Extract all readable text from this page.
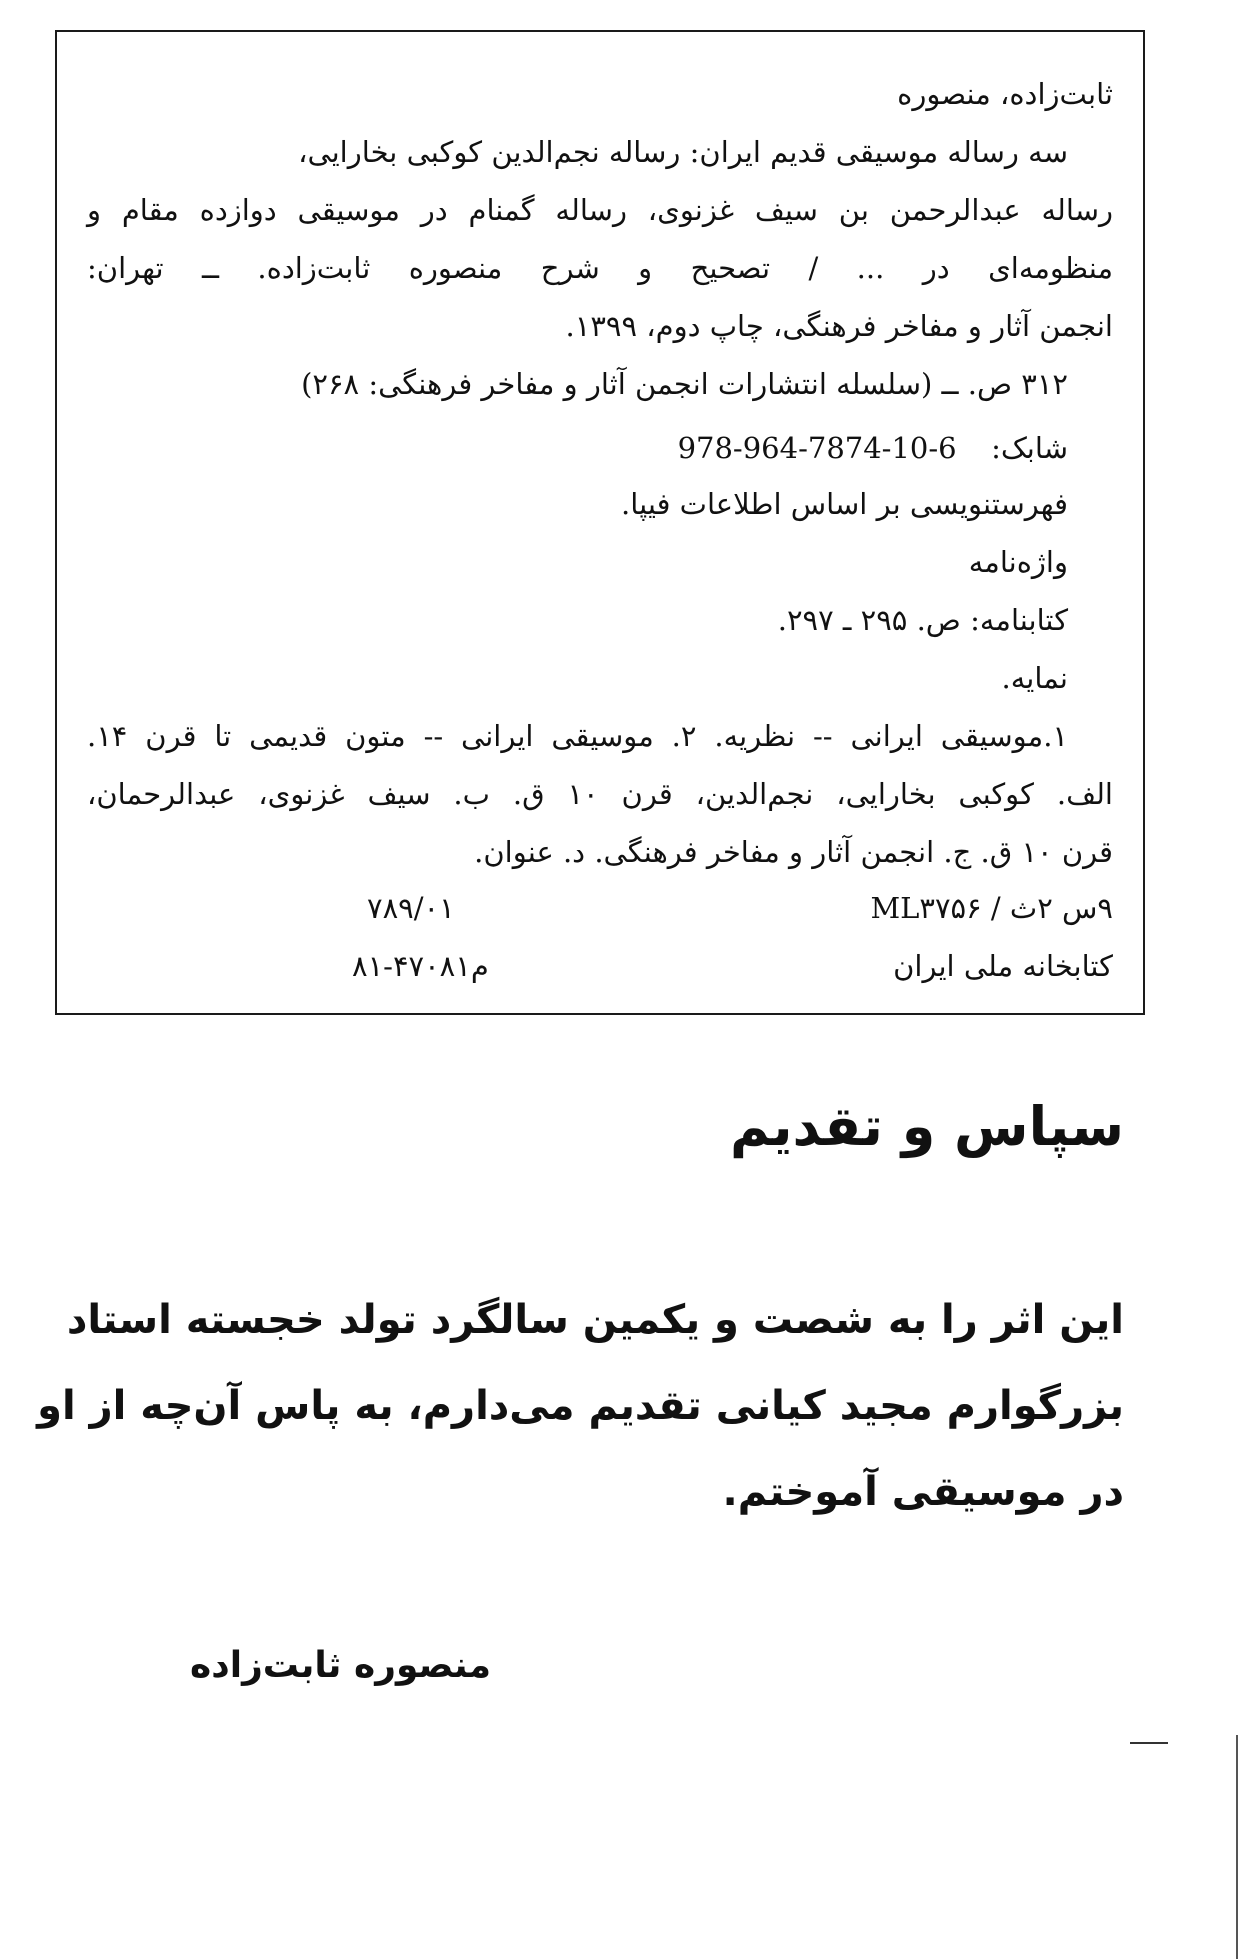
ثابت‌زاده، منصوره
سه رساله موسیقی قدیم ایران: رساله نجم‌الدین کوکبی بخارایی،
رساله عبدالرحمن بن سیف غزنوی، رساله گمنام در موسیقی دوازده مقام و
منظومه‌ای در ... / تصحیح و شرح منصوره ثابت‌زاده. ــ تهران:
انجمن آثار و مفاخر فرهنگی، چاپ دوم، ۱۳۹۹.
۳۱۲ ص. ــ (سلسله انتشارات انجمن آثار و مفاخر فرهنگی: ۲۶۸)
شابک:  978-964-7874-10-6
فهرستنویسی بر اساس اطلاعات فیپا.
واژه‌نامه
کتابنامه: ص. ۲۹۵ ـ ۲۹۷.
نمایه.
۱.موسیقی ایرانی -- نظریه. ۲. موسیقی ایرانی -- متون قدیمی تا قرن ۱۴.
الف. کوکبی بخارایی، نجم‌الدین، قرن ۱۰ ق. ب. سیف غزنوی، عبدالرحمان،
قرن ۱۰ ق. ج. انجمن آثار و مفاخر فرهنگی. د. عنوان.
۹س ۲ث / ML۳۷۵۶
۷۸۹/۰۱
کتابخانه ملی ایران
۸۱-۴۷۰۸۱م
سپاس و تقدیم
این اثر را به شصت و یکمین سالگرد تولد خجسته استاد
بزرگوارم مجید کیانی تقدیم می‌دارم، به پاس آن‌چه از او
در موسیقی آموختم.
منصوره ثابت‌زاده
